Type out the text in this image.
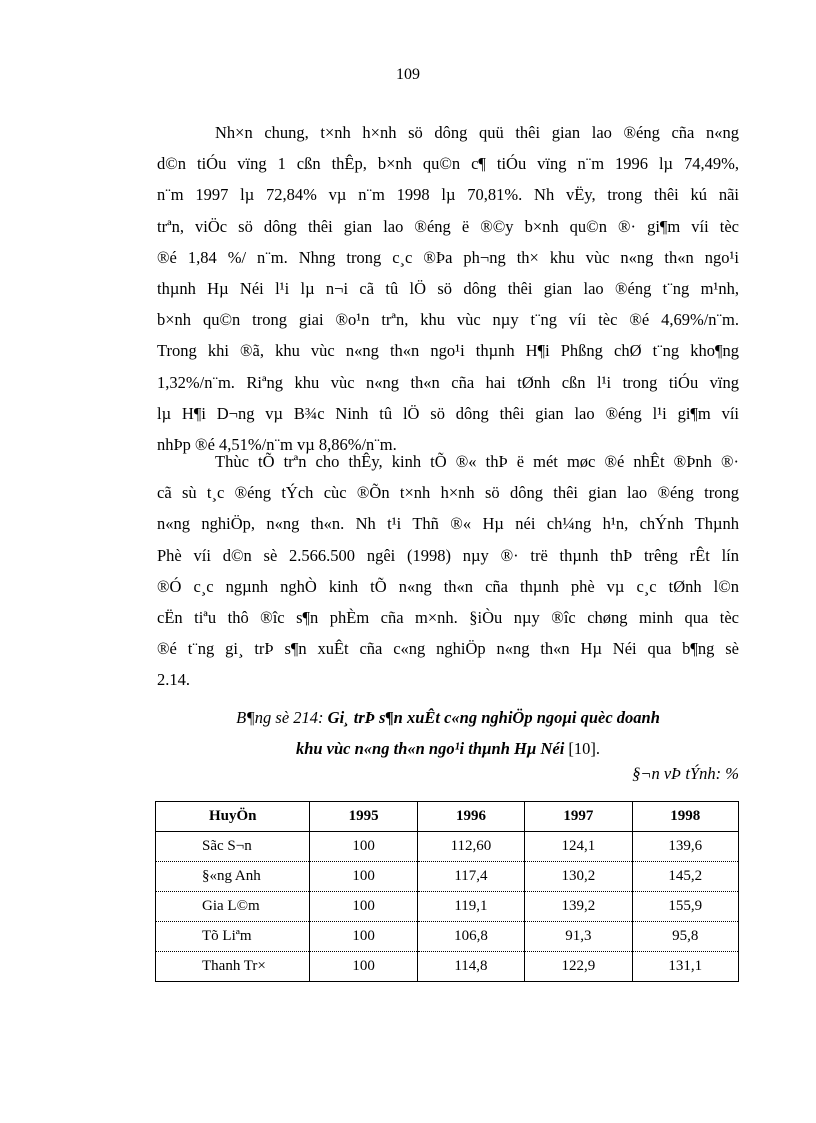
109
Nh×n chung, t×nh h×nh sö dông quü thêi gian lao ®éng cña n«ng
d©n tiÓu vïng 1 cßn thÊp, b×nh qu©n c¶ tiÓu vïng n¨m 1996 lµ 74,49%,
n¨m 1997 lµ 72,84% vµ n¨m 1998 lµ 70,81%. Nh vËy, trong thêi kú nãi
trªn, viÖc sö dông thêi gian lao ®éng ë ®©y b×nh qu©n ®· gi¶m víi tèc
®é 1,84 %/ n¨m. Nhng trong c¸c ®Þa ph¬ng th× khu vùc n«ng th«n ngo¹i
thµnh Hµ Néi l¹i lµ n¬i cã tû lÖ sö dông thêi gian lao ®éng t¨ng m¹nh,
b×nh qu©n trong giai ®o¹n trªn, khu vùc nµy t¨ng víi tèc ®é 4,69%/n¨m.
Trong khi ®ã, khu vùc n«ng th«n ngo¹i thµnh H¶i Phßng chØ t¨ng kho¶ng
1,32%/n¨m. Riªng khu vùc n«ng th«n cña hai tØnh cßn l¹i trong tiÓu vïng
lµ H¶i D¬ng vµ B¾c Ninh tû lÖ sö dông thêi gian lao ®éng l¹i gi¶m víi
nhÞp ®é 4,51%/n¨m vµ 8,86%/n¨m.
Thùc tÕ trªn cho thÊy, kinh tÕ ®« thÞ ë mét møc ®é nhÊt ®Þnh ®·
cã sù t¸c ®éng tÝch cùc ®Õn t×nh h×nh sö dông thêi gian lao ®éng trong
n«ng nghiÖp, n«ng th«n. Nh t¹i Thñ ®« Hµ néi ch¼ng h¹n, chÝnh Thµnh
Phè víi d©n sè 2.566.500 ngêi (1998) nµy ®· trë thµnh thÞ trêng rÊt lín
®Ó c¸c ngµnh nghÒ kinh tÕ n«ng th«n cña thµnh phè vµ c¸c tØnh l©n
cËn tiªu thô ®îc s¶n phÈm cña m×nh. §iÒu nµy ®îc chøng minh qua tèc
®é t¨ng gi¸ trÞ s¶n xuÊt cña c«ng nghiÖp n«ng th«n Hµ Néi qua b¶ng sè
2.14.
B¶ng sè 214: Gi¸ trÞ s¶n xuÊt c«ng nghiÖp ngoµi quèc doanh
khu vùc n«ng th«n ngo¹i thµnh Hµ Néi [10].
§¬n vÞ tÝnh: %
HuyÖn	1995	1996	1997	1998
Sãc S¬n	100	112,60	124,1	139,6
§«ng Anh	100	117,4	130,2	145,2
Gia L©m	100	119,1	139,2	155,9
Tõ Liªm	100	106,8	91,3	95,8
Thanh Tr×	100	114,8	122,9	131,1
